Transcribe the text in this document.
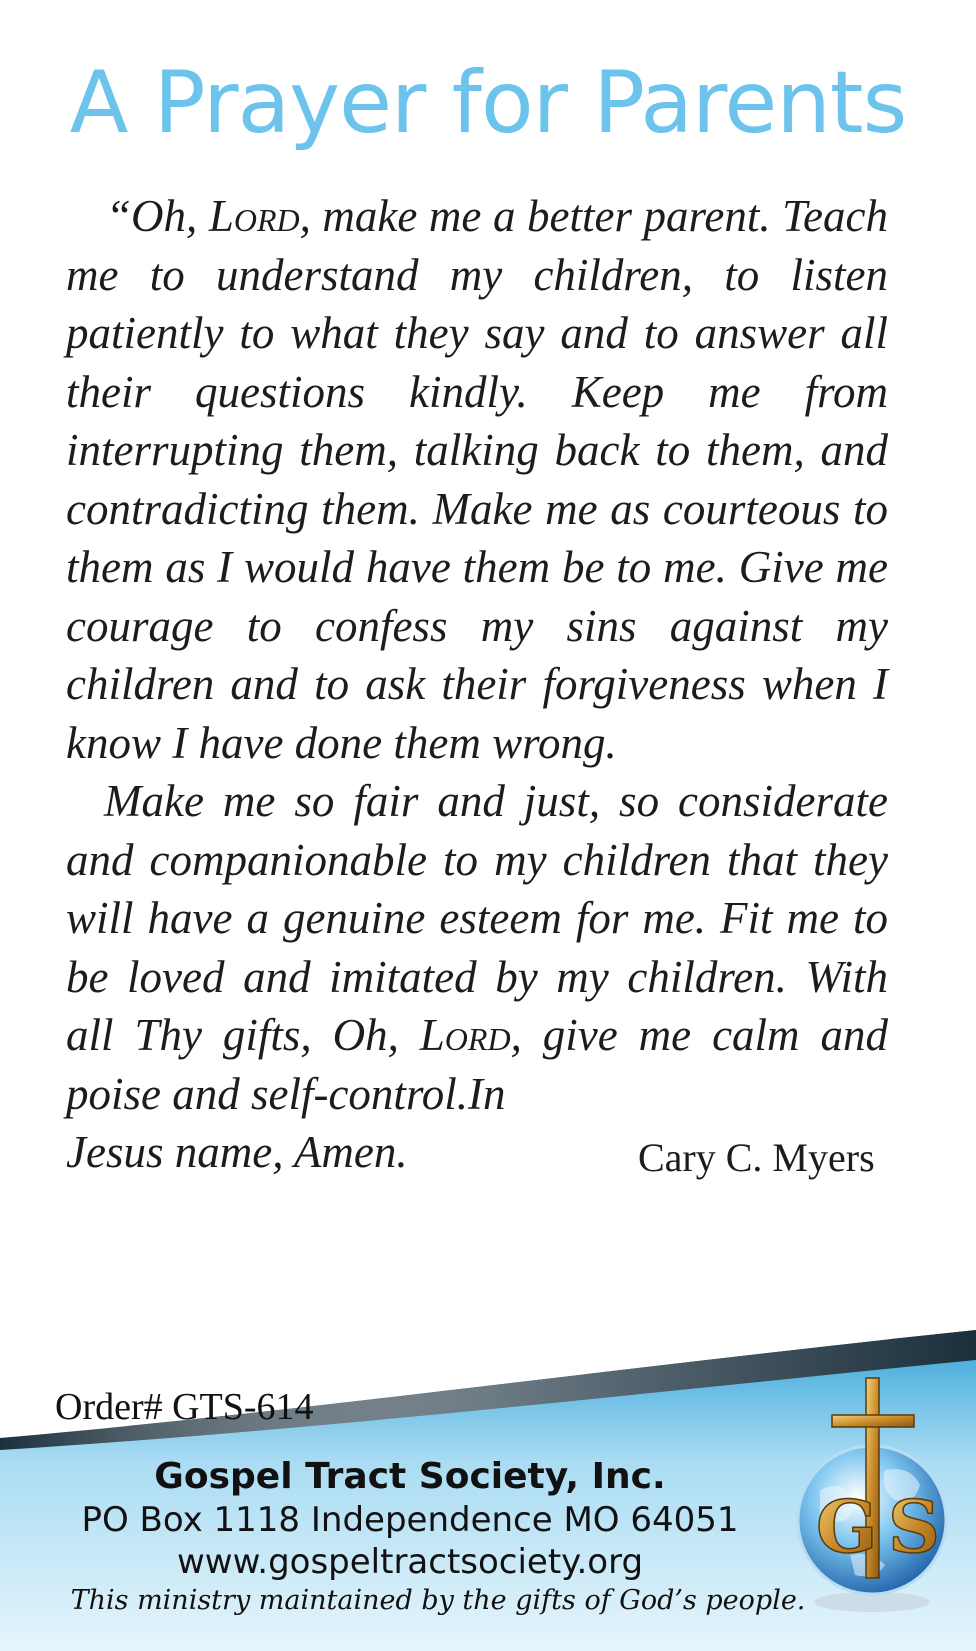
A Prayer for Parents

“Oh, Lord, make me a better parent. Teach me to understand my children, to listen patiently to what they say and to answer all their questions kindly. Keep me from interrupting them, talking back to them, and contradicting them. Make me as courteous to them as I would have them be to me. Give me courage to confess my sins against my children and to ask their forgiveness when I know I have done them wrong.

Make me so fair and just, so considerate and companionable to my children that they will have a genuine esteem for me. Fit me to be loved and imitated by my children. With all Thy gifts, Oh, Lord, give me calm and poise and self-control.In

Jesus name, Amen.	Cary C. Myers
Order# GTS-614
Gospel Tract Society, Inc.
PO Box 1118 Independence MO 64051
www.gospeltractsociety.org
This ministry maintained by the gifts of God’s people.
G S
